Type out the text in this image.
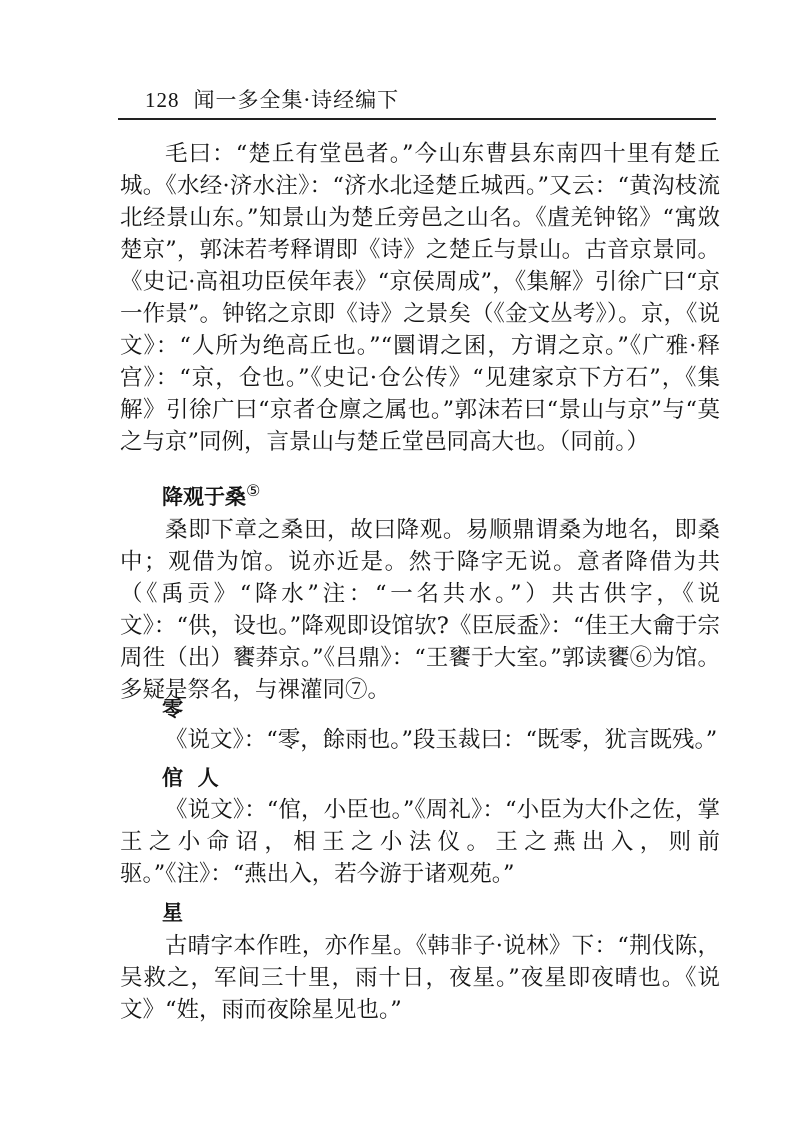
128 闻一多全集·诗经编下

毛曰：“楚丘有堂邑者。”今山东曹县东南四十里有楚丘城。《水经·济水注》：“济水北迳楚丘城西。”又云：“黄沟枝流北经景山东。”知景山为楚丘旁邑之山名。《虘羌钟铭》“寓敚楚京”，郭沫若考释谓即《诗》之楚丘与景山。古音京景同。《史记·高祖功臣侯年表》“京侯周成”，《集解》引徐广曰“京一作景”。钟铭之京即《诗》之景矣（《金文丛考》）。京，《说文》：“人所为绝高丘也。”“圜谓之囷，方谓之京。”《广雅·释宫》：“京，仓也。”《史记·仓公传》“见建家京下方石”，《集解》引徐广曰“京者仓廪之属也。”郭沫若曰“景山与京”与“莫之与京”同例，言景山与楚丘堂邑同高大也。（同前。）

降观于桑⑤

桑即下章之桑田，故曰降观。易顺鼎谓桑为地名，即桑中；观借为馆。说亦近是。然于降字无说。意者降借为共（《禹贡》“降水”注：“一名共水。”）共古供字，《说文》：“供，设也。”降观即设馆欤?《臣辰盉》：“佳王大龠于宗周徃（出）饔莽京。”《吕鼎》：“王饔于大室。”郭读饔⑥为馆。多疑是祭名，与祼灌同⑦。

零

《说文》：“零，餘雨也。”段玉裁曰：“既零，犹言既残。”

倌  人

《说文》：“倌，小臣也。”《周礼》：“小臣为大仆之佐，掌王之小命诏，相王之小法仪。王之燕出入，则前驱。”《注》：“燕出入，若今游于诸观苑。”

星

古晴字本作甠，亦作星。《韩非子·说林》下：“荆伐陈，吴救之，军间三十里，雨十日，夜星。”夜星即夜晴也。《说文》“姓，雨而夜除星见也。”
